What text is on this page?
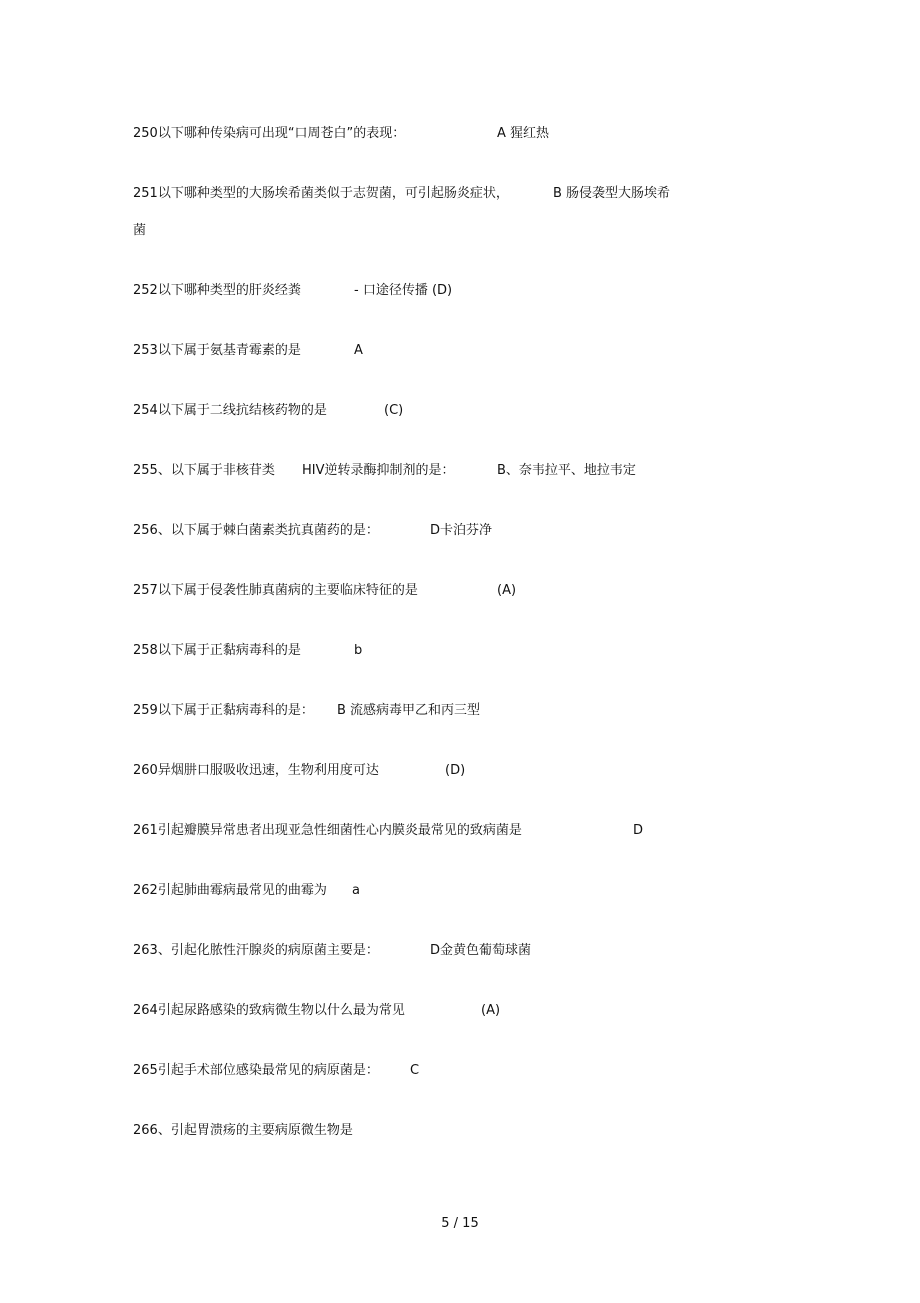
250以下哪种传染病可出现“口周苍白”的表现：	A 猩红热
251以下哪种类型的大肠埃希菌类似于志贺菌，可引起肠炎症状，	B 肠侵袭型大肠埃希
菌
252以下哪种类型的肝炎经粪	- 口途径传播 (D)
253以下属于氨基青霉素的是	A
254以下属于二线抗结核药物的是	(C)
255、以下属于非核苷类 HIV逆转录酶抑制剂的是：	B、奈韦拉平、地拉韦定
256、以下属于棘白菌素类抗真菌药的是：	D卡泊芬净
257以下属于侵袭性肺真菌病的主要临床特征的是	(A)
258以下属于正黏病毒科的是	b
259以下属于正黏病毒科的是： B 流感病毒甲乙和丙三型
260异烟肼口服吸收迅速，生物利用度可达	(D)
261引起瓣膜异常患者出现亚急性细菌性心内膜炎最常见的致病菌是	D
262引起肺曲霉病最常见的曲霉为 a
263、引起化脓性汗腺炎的病原菌主要是：	D金黄色葡萄球菌
264引起尿路感染的致病微生物以什么最为常见	(A)
265引起手术部位感染最常见的病原菌是： C
266、引起胃溃疡的主要病原微生物是
5 / 15
